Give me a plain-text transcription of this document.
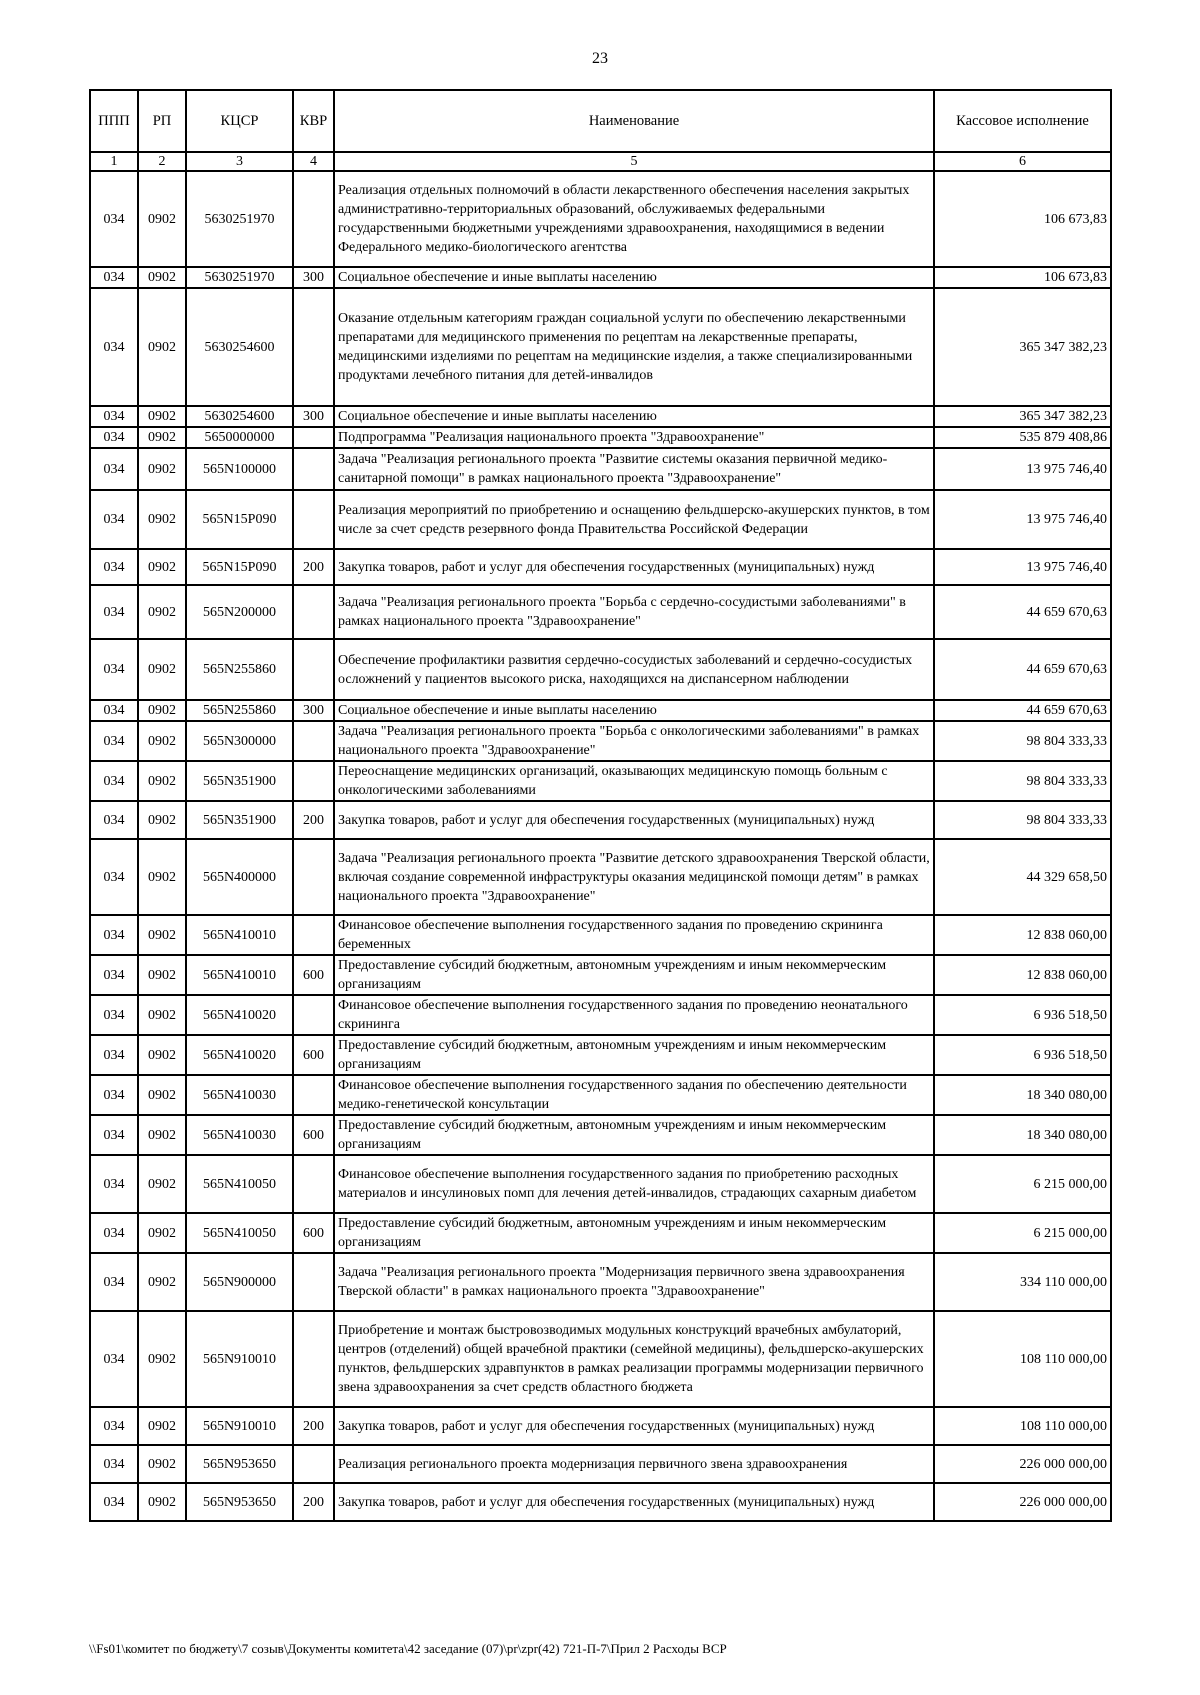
23
ППП	РП	КЦСР	КВР	Наименование	Кассовое исполнение
1	2	3	4	5	6
034	0902	5630251970		Реализация отдельных полномочий в области лекарственного обеспечения населения закрытых административно-территориальных образований, обслуживаемых федеральными государственными бюджетными учреждениями здравоохранения, находящимися в ведении Федерального медико-биологического агентства	106 673,83
034	0902	5630251970	300	Социальное обеспечение и иные выплаты населению	106 673,83
034	0902	5630254600		Оказание отдельным категориям граждан социальной услуги по обеспечению лекарственными препаратами для медицинского применения по рецептам на лекарственные препараты, медицинскими изделиями по рецептам на медицинские изделия, а также специализированными продуктами лечебного питания для детей-инвалидов	365 347 382,23
034	0902	5630254600	300	Социальное обеспечение и иные выплаты населению	365 347 382,23
034	0902	5650000000		Подпрограмма "Реализация национального проекта "Здравоохранение"	535 879 408,86
034	0902	565N100000		Задача "Реализация регионального проекта "Развитие системы оказания первичной медико-санитарной помощи" в рамках национального проекта "Здравоохранение"	13 975 746,40
034	0902	565N15P090		Реализация мероприятий по приобретению и оснащению фельдшерско-акушерских пунктов, в том числе за счет средств резервного фонда Правительства Российской Федерации	13 975 746,40
034	0902	565N15P090	200	Закупка товаров, работ и услуг для обеспечения государственных (муниципальных) нужд	13 975 746,40
034	0902	565N200000		Задача "Реализация регионального проекта "Борьба с сердечно-сосудистыми заболеваниями" в рамках национального проекта "Здравоохранение"	44 659 670,63
034	0902	565N255860		Обеспечение профилактики развития сердечно-сосудистых заболеваний и сердечно-сосудистых осложнений у пациентов высокого риска, находящихся на диспансерном наблюдении	44 659 670,63
034	0902	565N255860	300	Социальное обеспечение и иные выплаты населению	44 659 670,63
034	0902	565N300000		Задача "Реализация регионального проекта "Борьба с онкологическими заболеваниями" в рамках национального проекта "Здравоохранение"	98 804 333,33
034	0902	565N351900		Переоснащение медицинских организаций, оказывающих медицинскую помощь больным с онкологическими заболеваниями	98 804 333,33
034	0902	565N351900	200	Закупка товаров, работ и услуг для обеспечения государственных (муниципальных) нужд	98 804 333,33
034	0902	565N400000		Задача "Реализация регионального проекта "Развитие детского здравоохранения Тверской области, включая создание современной инфраструктуры оказания медицинской помощи детям" в рамках национального проекта "Здравоохранение"	44 329 658,50
034	0902	565N410010		Финансовое обеспечение выполнения государственного задания по проведению скрининга беременных	12 838 060,00
034	0902	565N410010	600	Предоставление субсидий бюджетным, автономным учреждениям и иным некоммерческим организациям	12 838 060,00
034	0902	565N410020		Финансовое обеспечение выполнения государственного задания по проведению неонатального скрининга	6 936 518,50
034	0902	565N410020	600	Предоставление субсидий бюджетным, автономным учреждениям и иным некоммерческим организациям	6 936 518,50
034	0902	565N410030		Финансовое обеспечение выполнения государственного задания по обеспечению деятельности медико-генетической консультации	18 340 080,00
034	0902	565N410030	600	Предоставление субсидий бюджетным, автономным учреждениям и иным некоммерческим организациям	18 340 080,00
034	0902	565N410050		Финансовое обеспечение выполнения государственного задания по приобретению расходных материалов и инсулиновых помп для лечения детей-инвалидов, страдающих сахарным диабетом	6 215 000,00
034	0902	565N410050	600	Предоставление субсидий бюджетным, автономным учреждениям и иным некоммерческим организациям	6 215 000,00
034	0902	565N900000		Задача "Реализация регионального проекта "Модернизация первичного звена здравоохранения Тверской области" в рамках национального проекта "Здравоохранение"	334 110 000,00
034	0902	565N910010		Приобретение и монтаж быстровозводимых модульных конструкций врачебных амбулаторий, центров (отделений) общей врачебной практики (семейной медицины), фельдшерско-акушерских пунктов, фельдшерских здравпунктов в рамках реализации программы модернизации первичного звена здравоохранения за счет средств областного бюджета	108 110 000,00
034	0902	565N910010	200	Закупка товаров, работ и услуг для обеспечения государственных (муниципальных) нужд	108 110 000,00
034	0902	565N953650		Реализация регионального проекта модернизация первичного звена здравоохранения	226 000 000,00
034	0902	565N953650	200	Закупка товаров, работ и услуг для обеспечения государственных (муниципальных) нужд	226 000 000,00
\\Fs01\комитет по бюджету\7 созыв\Документы комитета\42 заседание (07)\pr\zpr(42) 721-П-7\Прил 2 Расходы ВСР
